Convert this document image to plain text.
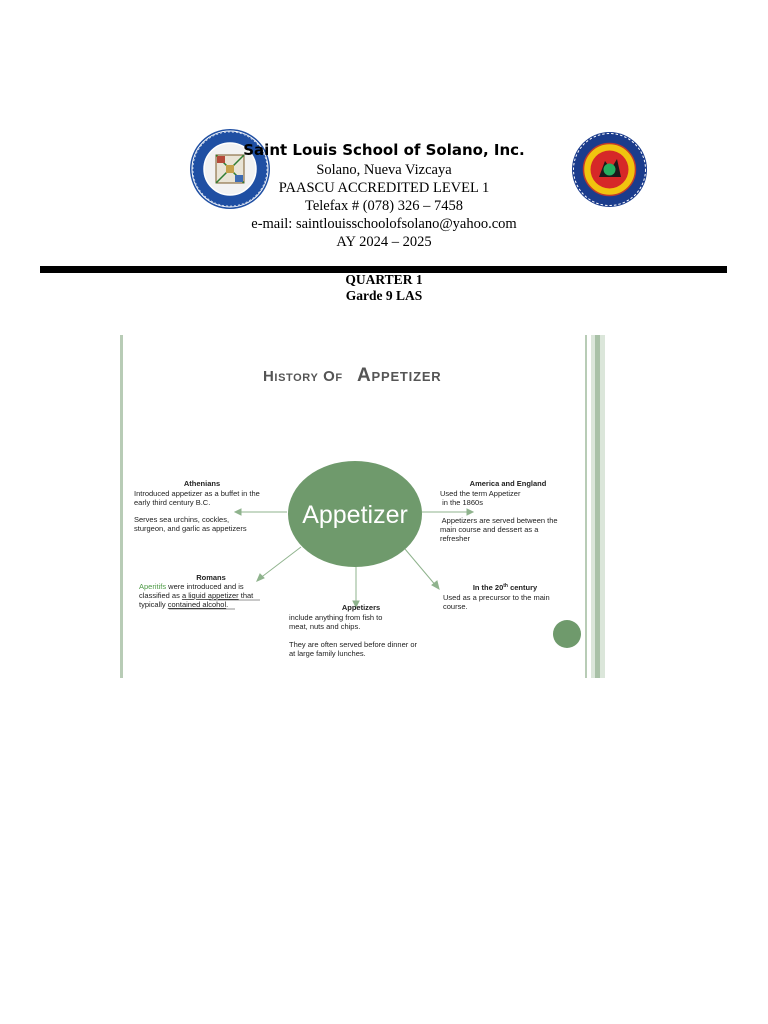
Saint Louis School of Solano, Inc.

Solano, Nueva Vizcaya

PAASCU ACCREDITED LEVEL 1

Telefax # (078) 326 – 7458

e-mail: saintlouisschoolofsolano@yahoo.com

AY 2024 – 2025

QUARTER 1
Garde 9 LAS
History Of Appetizer
Appetizer
Athenians
Introduced appetizer as a buffet in the
early third century B.C.
Serves sea urchins, cockles,
sturgeon, and garlic as appetizers
America and England
Used the term Appetizer
in the 1860s
Appetizers are served between the
main course and dessert as a
refresher
Romans
Aperitifs were introduced and is
classified as a liquid appetizer that
typically contained alcohol.
In the 20th century
Used as a precursor to the main
course.
Appetizers
include anything from fish to
meat, nuts and chips.
They are often served before dinner or
at large family lunches.
